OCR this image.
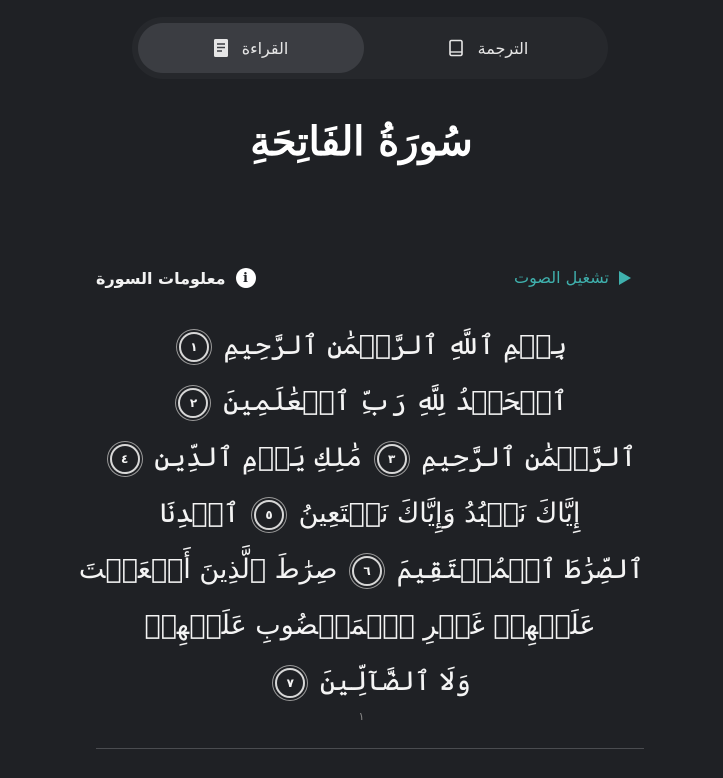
الترجمة
القراءة
سُورَةُ الفَاتِحَةِ
معلومات السورة	i	تشغيل الصوت
بِسۡمِ ٱللَّهِ ٱلرَّحۡمَٰنِ ٱلرَّحِيمِ ١
ٱلۡحَمۡدُ لِلَّهِ رَبِّ ٱلۡعَٰلَمِينَ ٢
ٱلرَّحۡمَٰنِ ٱلرَّحِيمِ ٣ مَٰلِكِ يَوۡمِ ٱلدِّينِ ٤
إِيَّاكَ نَعۡبُدُ وَإِيَّاكَ نَسۡتَعِينُ ٥ ٱهۡدِنَا
ٱلصِّرَٰطَ ٱلۡمُسۡتَقِيمَ ٦ صِرَٰطَ ٱلَّذِينَ أَنۡعَمۡتَ
عَلَيۡهِمۡ غَيۡرِ ٱلۡمَغۡضُوبِ عَلَيۡهِمۡ
وَلَا ٱلضَّآلِّينَ ٧
١
